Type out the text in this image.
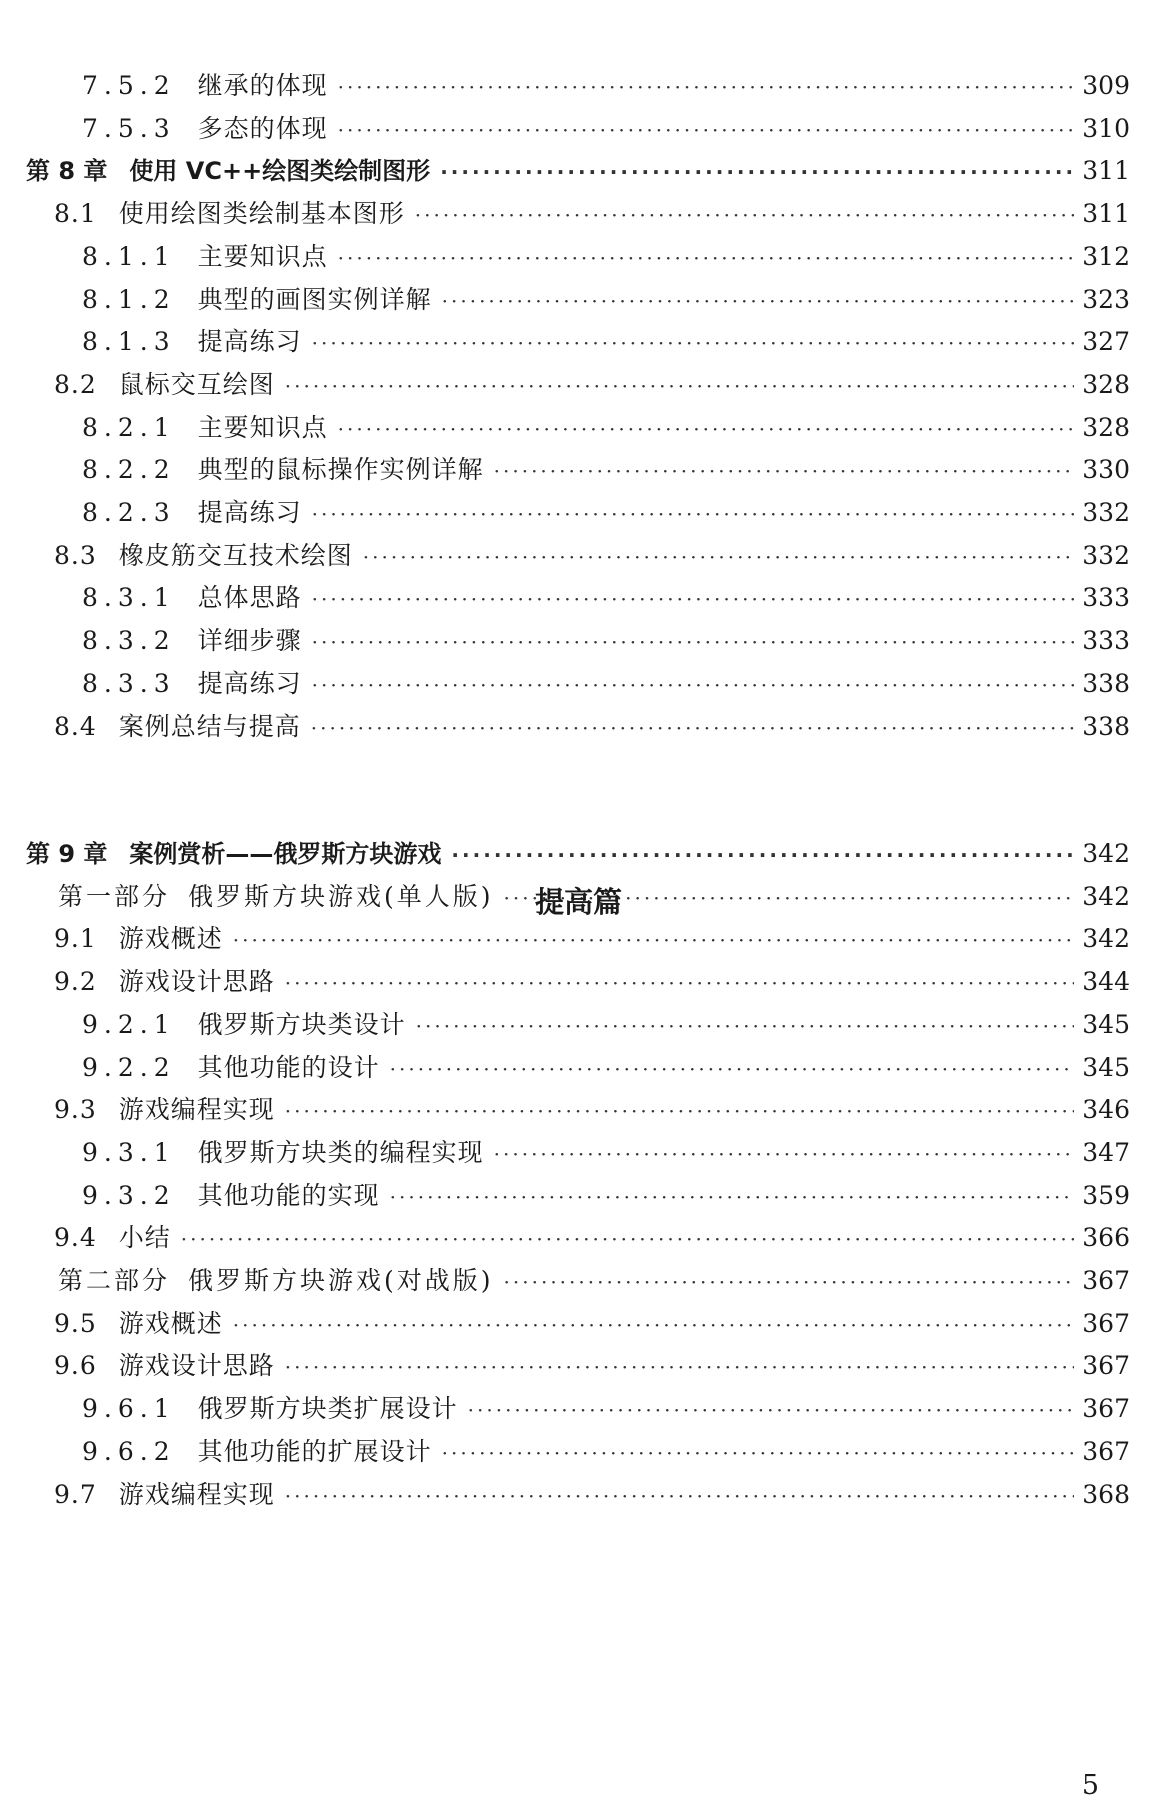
7.5.2 继承的体现 ·····	309
7.5.3 多态的体现 ·····	310
第 8 章 使用 VC++绘图类绘制图形 ·····	311
8.1 使用绘图类绘制基本图形 ·····	311
8.1.1 主要知识点 ·····	312
8.1.2 典型的画图实例详解 ·····	323
8.1.3 提高练习 ·····	327
8.2 鼠标交互绘图 ·····	328
8.2.1 主要知识点 ·····	328
8.2.2 典型的鼠标操作实例详解 ·····	330
8.2.3 提高练习 ·····	332
8.3 橡皮筋交互技术绘图 ·····	332
8.3.1 总体思路 ·····	333
8.3.2 详细步骤 ·····	333
8.3.3 提高练习 ·····	338
8.4 案例总结与提高 ·····	338
第 9 章 案例赏析——俄罗斯方块游戏 ·····	342
第一部分 俄罗斯方块游戏(单人版) ·····	342
9.1 游戏概述 ·····	342
9.2 游戏设计思路 ·····	344
9.2.1 俄罗斯方块类设计 ·····	345
9.2.2 其他功能的设计 ·····	345
9.3 游戏编程实现 ·····	346
9.3.1 俄罗斯方块类的编程实现 ·····	347
9.3.2 其他功能的实现 ·····	359
9.4 小结 ·····	366
第二部分 俄罗斯方块游戏(对战版) ·····	367
9.5 游戏概述 ·····	367
9.6 游戏设计思路 ·····	367
9.6.1 俄罗斯方块类扩展设计 ·····	367
9.6.2 其他功能的扩展设计 ·····	367
9.7 游戏编程实现 ·····	368
提高篇
5
